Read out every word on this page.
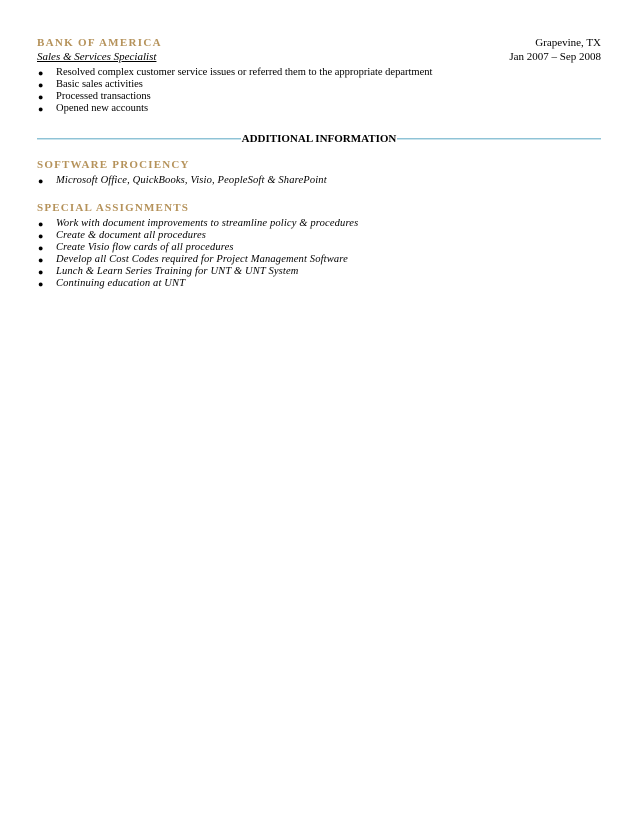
BANK OF AMERICA	Grapevine, TX
Sales & Services Specialist	Jan 2007 – Sep 2008
● Resolved complex customer service issues or referred them to the appropriate department
● Basic sales activities
● Processed transactions
● Opened new accounts
ADDITIONAL INFORMATION
SOFTWARE PROCIENCY
● Microsoft Office, QuickBooks, Visio, PeopleSoft & SharePoint
SPECIAL ASSIGNMENTS
● Work with document improvements to streamline policy & procedures
● Create & document all procedures
● Create Visio flow cards of all procedures
● Develop all Cost Codes required for Project Management Software
● Lunch & Learn Series Training for UNT & UNT System
● Continuing education at UNT
